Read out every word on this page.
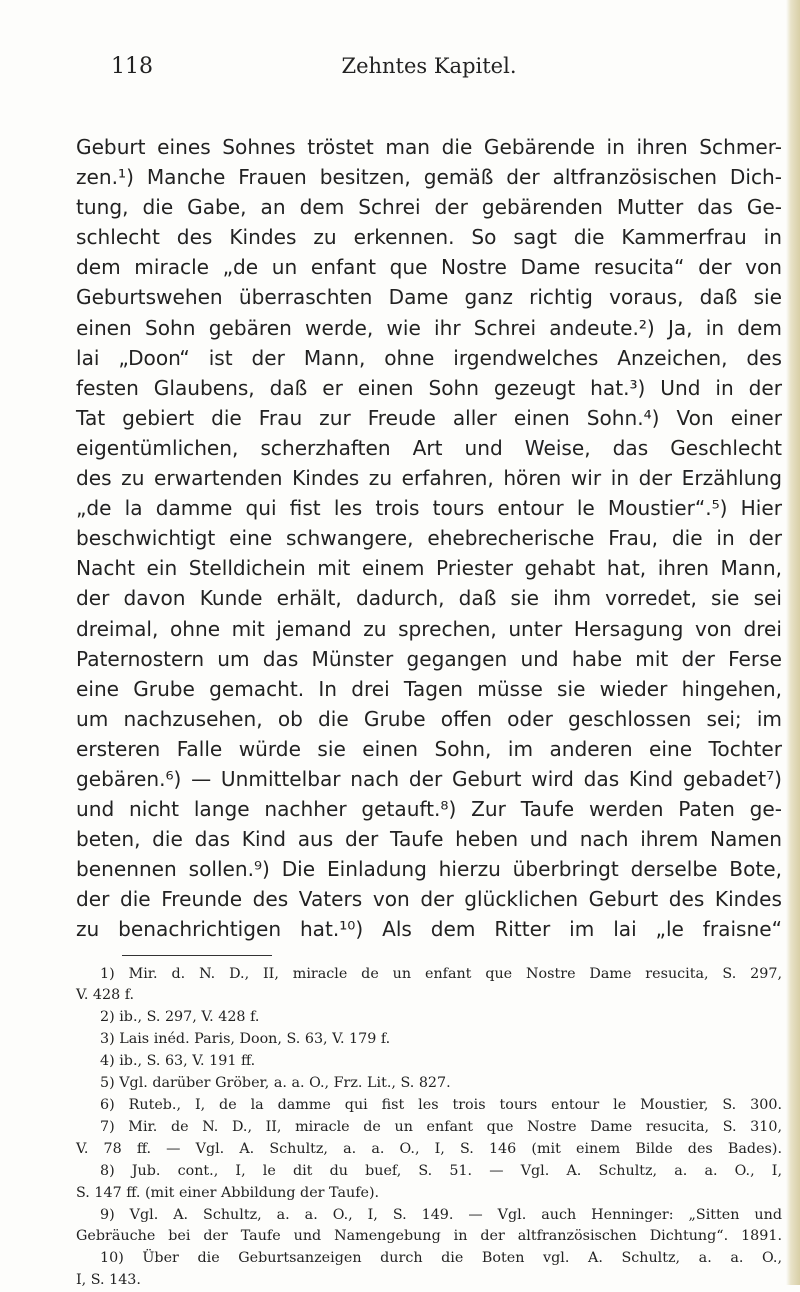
118	Zehntes Kapitel.
Geburt eines Sohnes tröstet man die Gebärende in ihren Schmer-
zen.¹) Manche Frauen besitzen, gemäß der altfranzösischen Dich-
tung, die Gabe, an dem Schrei der gebärenden Mutter das Ge-
schlecht des Kindes zu erkennen. So sagt die Kammerfrau in
dem miracle „de un enfant que Nostre Dame resucita“ der von
Geburtswehen überraschten Dame ganz richtig voraus, daß sie
einen Sohn gebären werde, wie ihr Schrei andeute.²) Ja, in dem
lai „Doon“ ist der Mann, ohne irgendwelches Anzeichen, des
festen Glaubens, daß er einen Sohn gezeugt hat.³) Und in der
Tat gebiert die Frau zur Freude aller einen Sohn.⁴) Von einer
eigentümlichen, scherzhaften Art und Weise, das Geschlecht
des zu erwartenden Kindes zu erfahren, hören wir in der Erzählung
„de la damme qui fist les trois tours entour le Moustier“.⁵) Hier
beschwichtigt eine schwangere, ehebrecherische Frau, die in der
Nacht ein Stelldichein mit einem Priester gehabt hat, ihren Mann,
der davon Kunde erhält, dadurch, daß sie ihm vorredet, sie sei
dreimal, ohne mit jemand zu sprechen, unter Hersagung von drei
Paternostern um das Münster gegangen und habe mit der Ferse
eine Grube gemacht. In drei Tagen müsse sie wieder hingehen,
um nachzusehen, ob die Grube offen oder geschlossen sei; im
ersteren Falle würde sie einen Sohn, im anderen eine Tochter
gebären.⁶) — Unmittelbar nach der Geburt wird das Kind gebadet⁷)
und nicht lange nachher getauft.⁸) Zur Taufe werden Paten ge-
beten, die das Kind aus der Taufe heben und nach ihrem Namen
benennen sollen.⁹) Die Einladung hierzu überbringt derselbe Bote,
der die Freunde des Vaters von der glücklichen Geburt des Kindes
zu benachrichtigen hat.¹⁰) Als dem Ritter im lai „le fraisne“
1) Mir. d. N. D., II, miracle de un enfant que Nostre Dame resucita, S. 297,
V. 428 f.
2) ib., S. 297, V. 428 f.
3) Lais inéd. Paris, Doon, S. 63, V. 179 f.
4) ib., S. 63, V. 191 ff.
5) Vgl. darüber Gröber, a. a. O., Frz. Lit., S. 827.
6) Ruteb., I, de la damme qui fist les trois tours entour le Moustier, S. 300.
7) Mir. de N. D., II, miracle de un enfant que Nostre Dame resucita, S. 310,
V. 78 ff. — Vgl. A. Schultz, a. a. O., I, S. 146 (mit einem Bilde des Bades).
8) Jub. cont., I, le dit du buef, S. 51. — Vgl. A. Schultz, a. a. O., I,
S. 147 ff. (mit einer Abbildung der Taufe).
9) Vgl. A. Schultz, a. a. O., I, S. 149. — Vgl. auch Henninger: „Sitten und
Gebräuche bei der Taufe und Namengebung in der altfranzösischen Dichtung“. 1891.
10) Über die Geburtsanzeigen durch die Boten vgl. A. Schultz, a. a. O.,
I, S. 143.
